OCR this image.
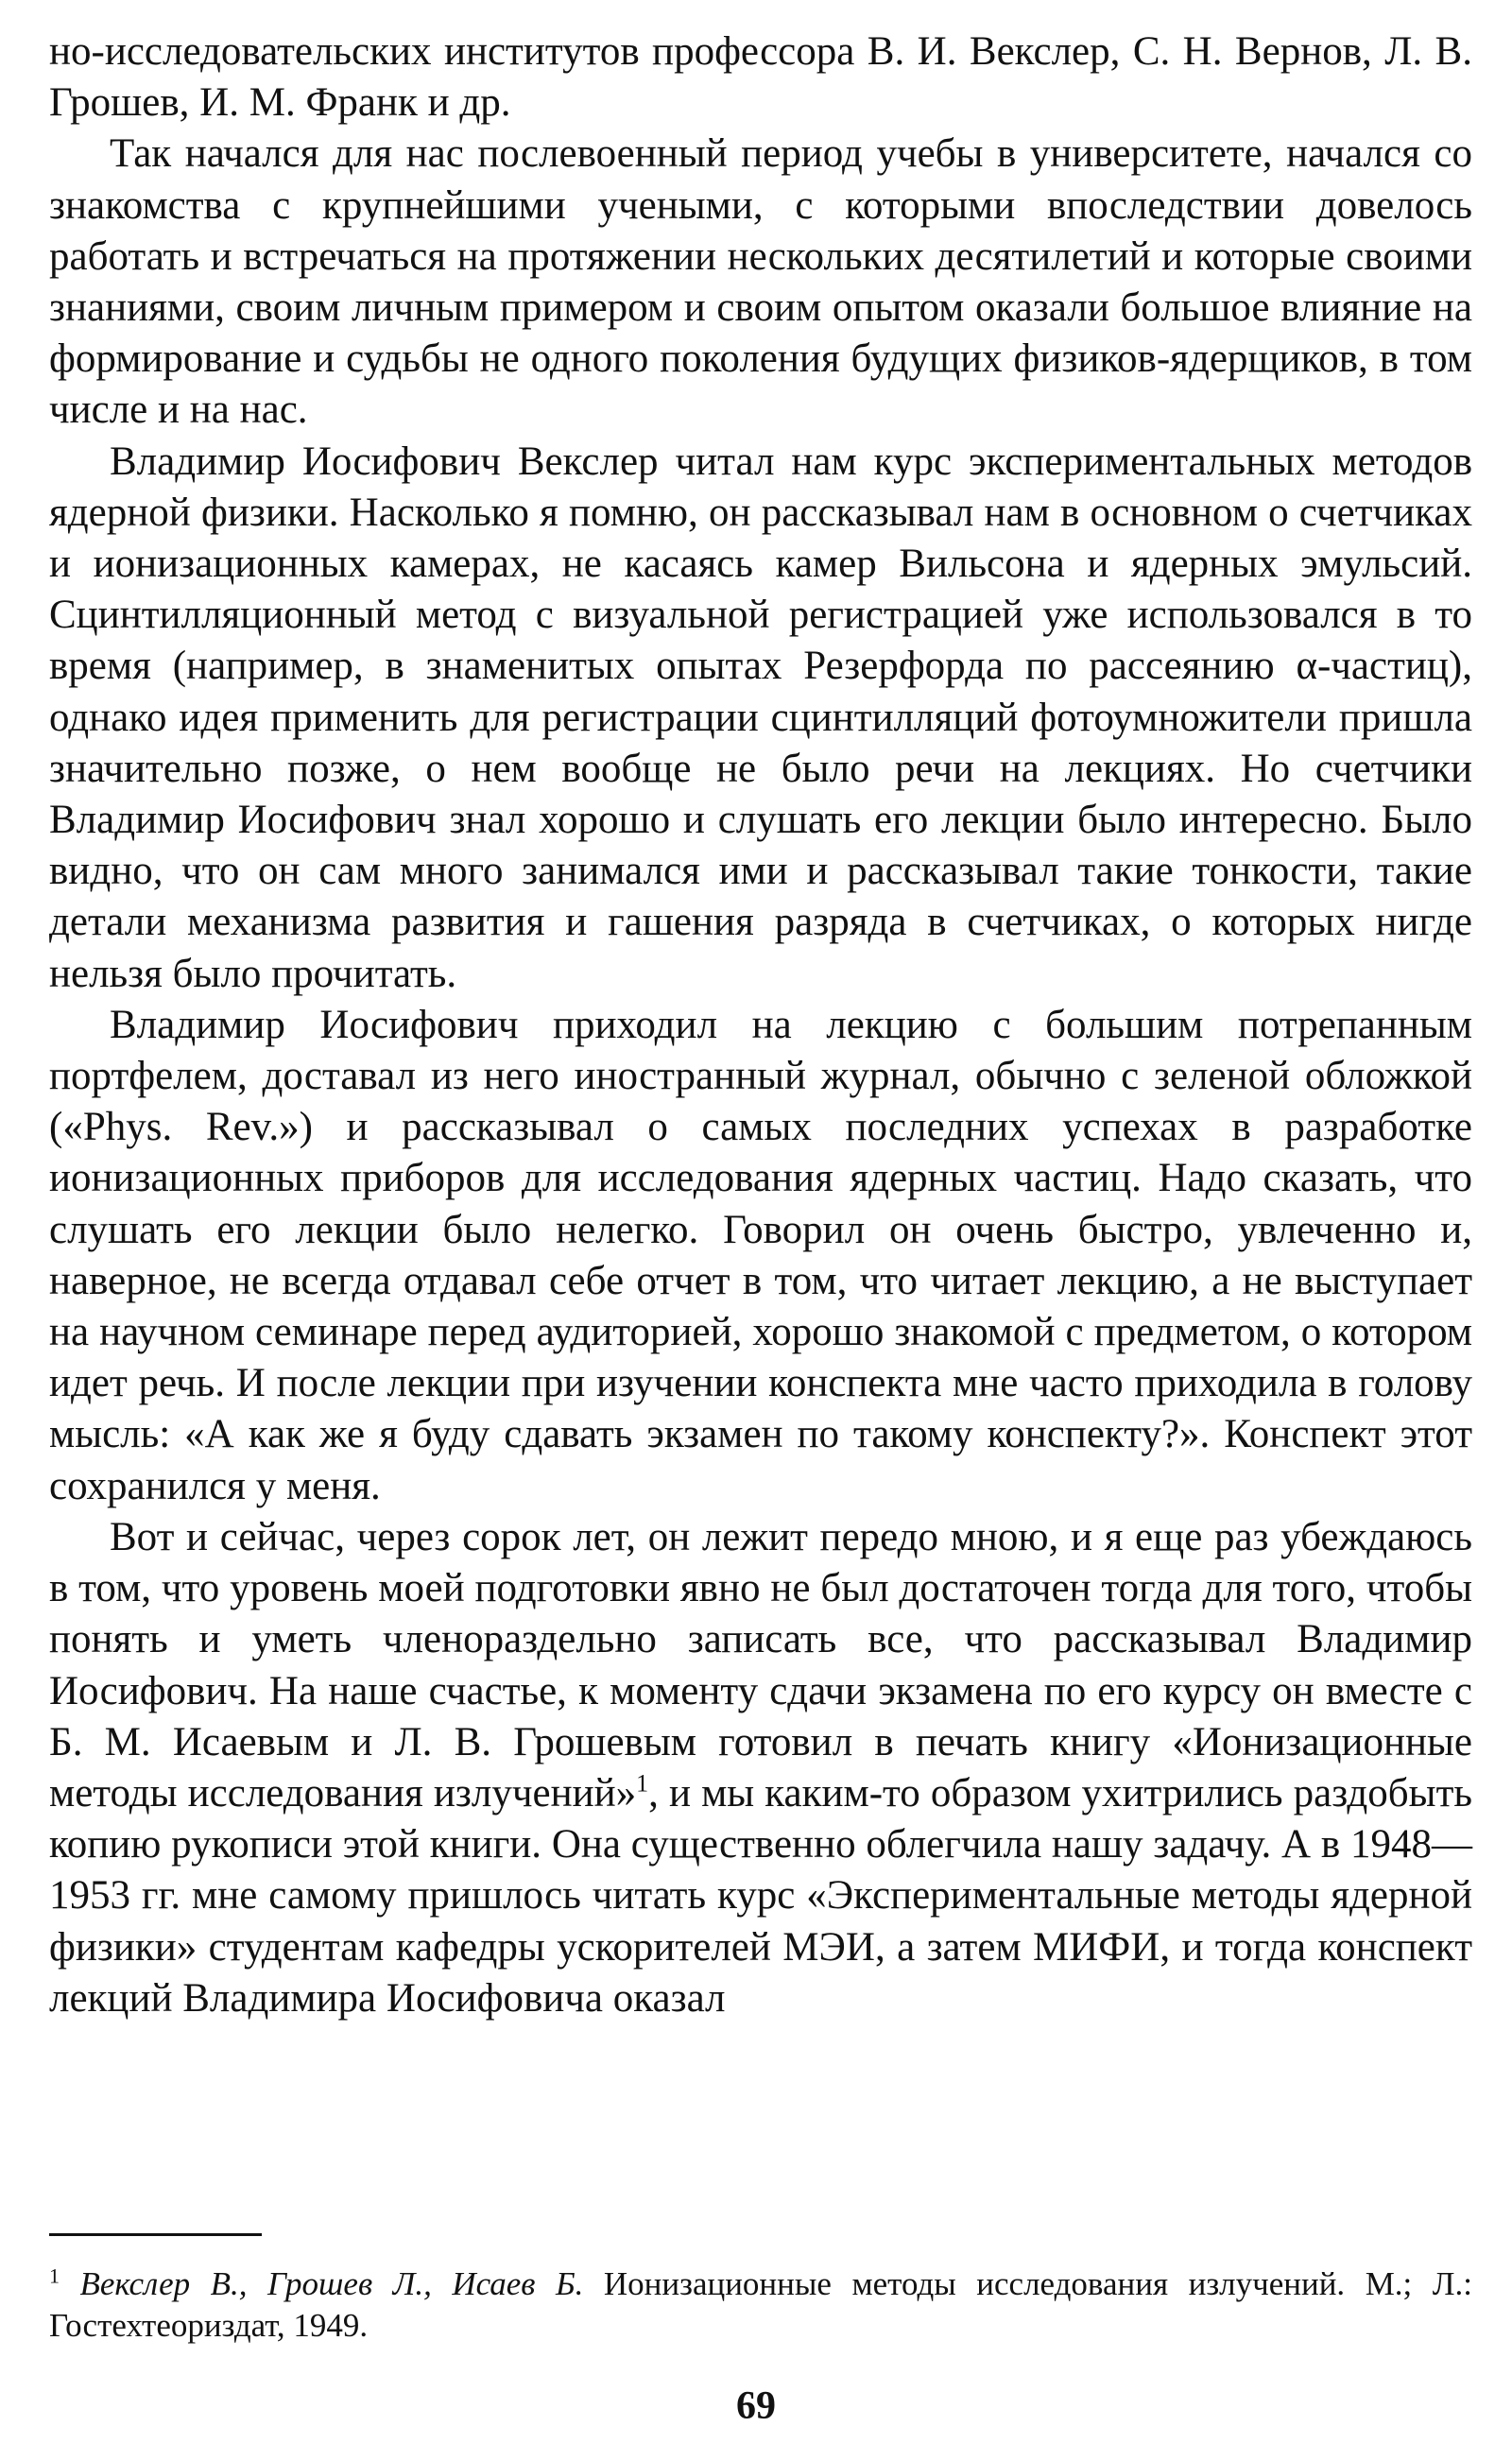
но-исследовательских институтов профессора В. И. Векслер, С. Н. Вернов, Л. В. Грошев, И. М. Франк и др.

Так начался для нас послевоенный период учебы в университете, начался со знакомства с крупнейшими учеными, с которыми впоследствии довелось работать и встречаться на протяжении нескольких десятилетий и которые своими знаниями, своим личным примером и своим опытом оказали большое влияние на формирование и судьбы не одного поколения будущих физиков-ядерщиков, в том числе и на нас.

Владимир Иосифович Векслер читал нам курс экспериментальных методов ядерной физики. Насколько я помню, он рассказывал нам в основном о счетчиках и ионизационных камерах, не касаясь камер Вильсона и ядерных эмульсий. Сцинтилляционный метод с визуальной регистрацией уже использовался в то время (например, в знаменитых опытах Резерфорда по рассеянию α-частиц), однако идея применить для регистрации сцинтилляций фотоумножители пришла значительно позже, о нем вообще не было речи на лекциях. Но счетчики Владимир Иосифович знал хорошо и слушать его лекции было интересно. Было видно, что он сам много занимался ими и рассказывал такие тонкости, такие детали механизма развития и гашения разряда в счетчиках, о которых нигде нельзя было прочитать.

Владимир Иосифович приходил на лекцию с большим потрепанным портфелем, доставал из него иностранный журнал, обычно с зеленой обложкой («Phys. Rev.») и рассказывал о самых последних успехах в разработке ионизационных приборов для исследования ядерных частиц. Надо сказать, что слушать его лекции было нелегко. Говорил он очень быстро, увлеченно и, наверное, не всегда отдавал себе отчет в том, что читает лекцию, а не выступает на научном семинаре перед аудиторией, хорошо знакомой с предметом, о котором идет речь. И после лекции при изучении конспекта мне часто приходила в голову мысль: «А как же я буду сдавать экзамен по такому конспекту?». Конспект этот сохранился у меня.

Вот и сейчас, через сорок лет, он лежит передо мною, и я еще раз убеждаюсь в том, что уровень моей подготовки явно не был достаточен тогда для того, чтобы понять и уметь членораздельно записать все, что рассказывал Владимир Иосифович. На наше счастье, к моменту сдачи экзамена по его курсу он вместе с Б. М. Исаевым и Л. В. Грошевым готовил в печать книгу «Ионизационные методы исследования излучений»$^1$, и мы каким-то образом ухитрились раздобыть копию рукописи этой книги. Она существенно облегчила нашу задачу. А в 1948—1953 гг. мне самому пришлось читать курс «Экспериментальные методы ядерной физики» студентам кафедры ускорителей МЭИ, а затем МИФИ, и тогда конспект лекций Владимира Иосифовича оказал

$^1$ Векслер В., Грошев Л., Исаев Б. Ионизационные методы исследования излучений. М.; Л.: Гостехтеориздат, 1949.

69
